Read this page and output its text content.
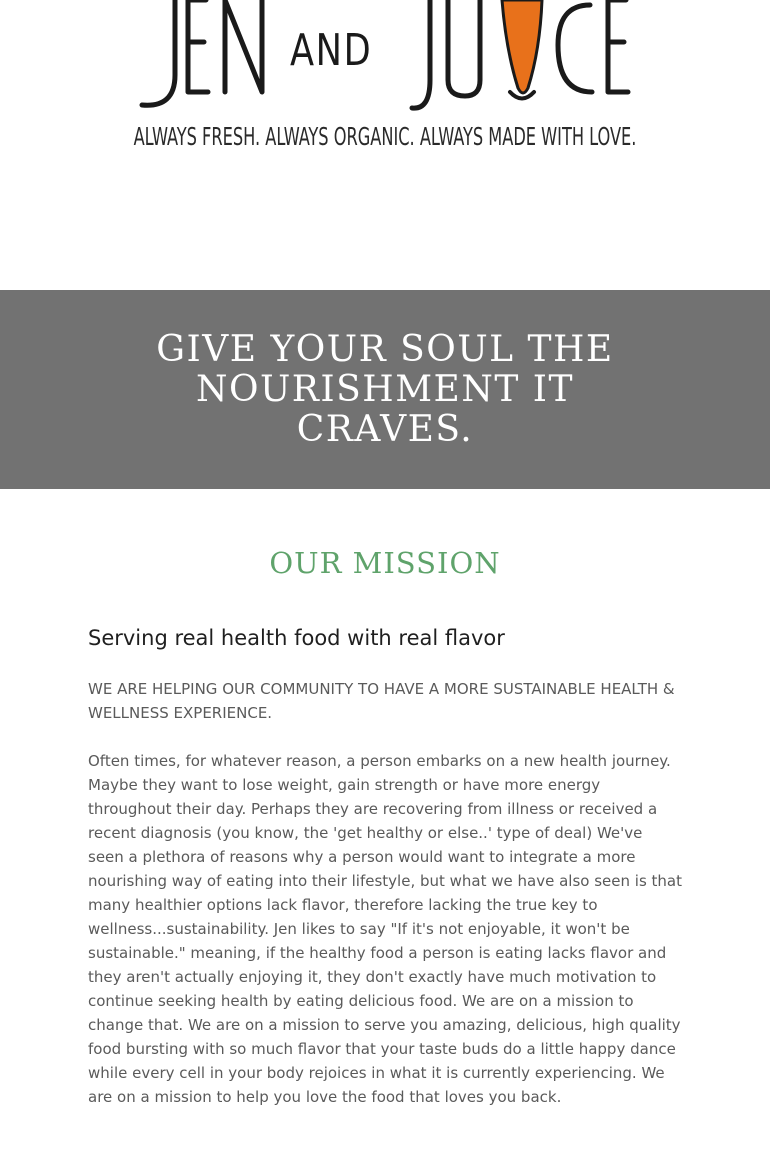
AND
ALWAYS FRESH. ALWAYS ORGANIC. ALWAYS MADE WITH LOVE.
GIVE YOUR SOUL THE NOURISHMENT IT CRAVES.
OUR MISSION
Serving real health food with real flavor

WE ARE HELPING OUR COMMUNITY TO HAVE A MORE SUSTAINABLE HEALTH & WELLNESS EXPERIENCE.

Often times, for whatever reason, a person embarks on a new health journey. Maybe they want to lose weight, gain strength or have more energy throughout their day. Perhaps they are recovering from illness or received a recent diagnosis (you know, the 'get healthy or else..' type of deal) We've seen a plethora of reasons why a person would want to integrate a more nourishing way of eating into their lifestyle, but what we have also seen is that many healthier options lack flavor, therefore lacking the true key to wellness...sustainability. Jen likes to say "If it's not enjoyable, it won't be sustainable." meaning, if the healthy food a person is eating lacks flavor and they aren't actually enjoying it, they don't exactly have much motivation to continue seeking health by eating delicious food. We are on a mission to change that. We are on a mission to serve you amazing, delicious, high quality food bursting with so much flavor that your taste buds do a little happy dance while every cell in your body rejoices in what it is currently experiencing. We are on a mission to help you love the food that loves you back.
